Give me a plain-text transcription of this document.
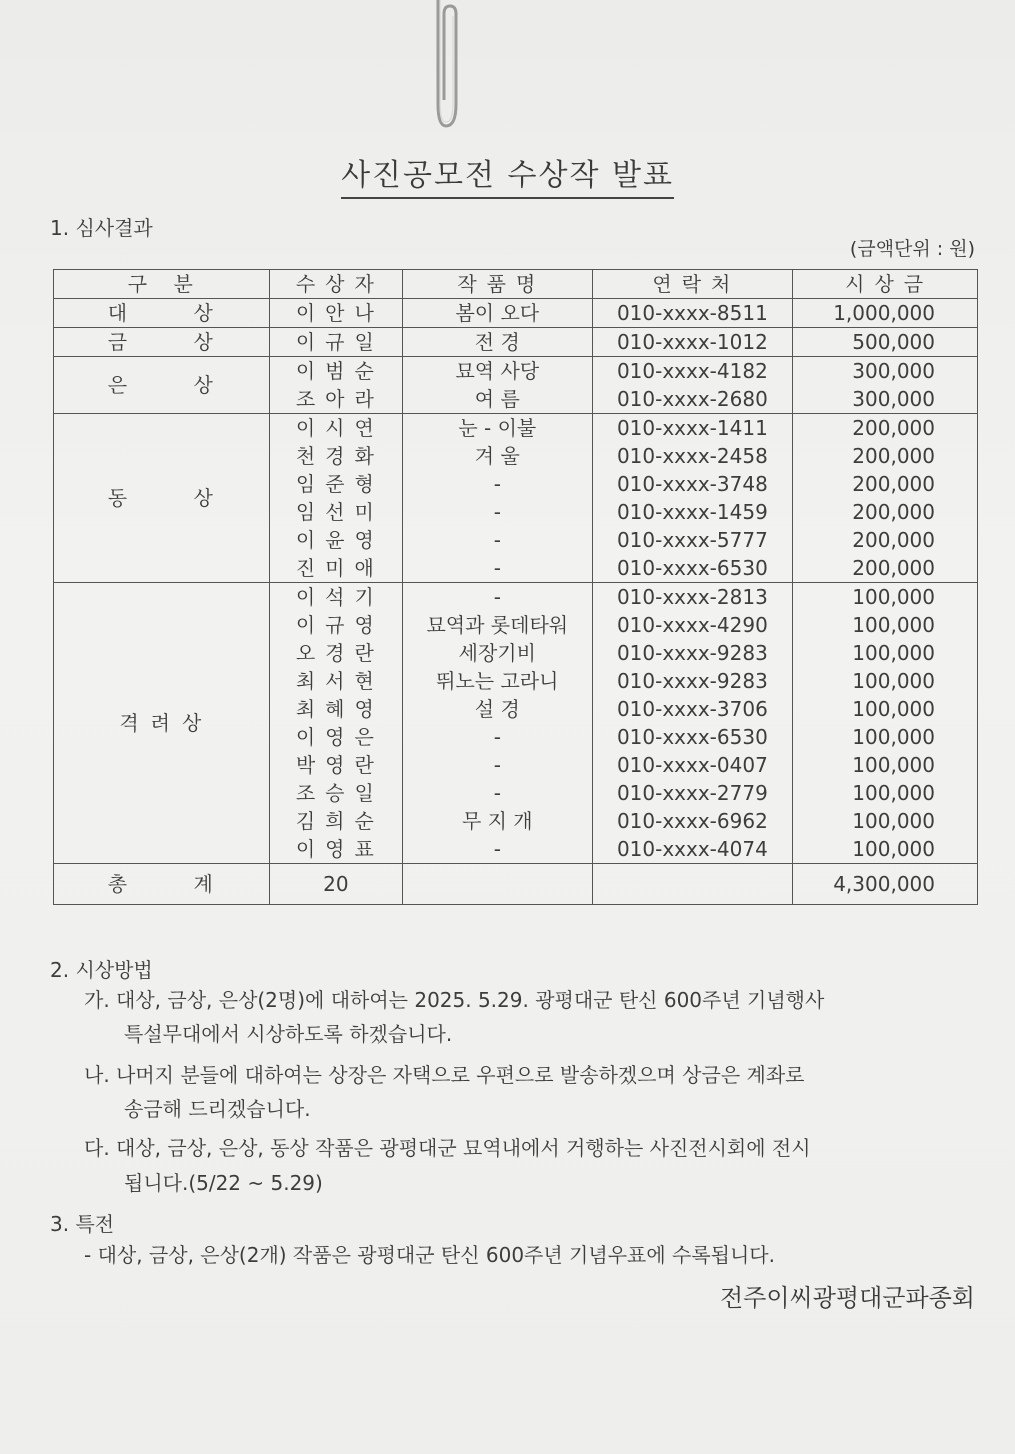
사진공모전 수상작 발표
1. 심사결과
(금액단위 : 원)
구 분	수상자	작품명	연락처	시상금
대 상	이안나	봄이 오다	010-xxxx-8511	1,000,000
금 상	이규일	전 경	010-xxxx-1012	500,000
은 상	이범순	묘역 사당	010-xxxx-4182	300,000
	조아라	여 름	010-xxxx-2680	300,000
동 상	이시연	눈 - 이불	010-xxxx-1411	200,000
	천경화	겨 울	010-xxxx-2458	200,000
	임준형	-	010-xxxx-3748	200,000
	임선미	-	010-xxxx-1459	200,000
	이윤영	-	010-xxxx-5777	200,000
	진미애	-	010-xxxx-6530	200,000
격려상	이석기	-	010-xxxx-2813	100,000
	이규영	묘역과 롯데타워	010-xxxx-4290	100,000
	오경란	세장기비	010-xxxx-9283	100,000
	최서현	뛰노는 고라니	010-xxxx-9283	100,000
	최혜영	설 경	010-xxxx-3706	100,000
	이영은	-	010-xxxx-6530	100,000
	박영란	-	010-xxxx-0407	100,000
	조승일	-	010-xxxx-2779	100,000
	김희순	무 지 개	010-xxxx-6962	100,000
	이영표	-	010-xxxx-4074	100,000
총 계	20			4,300,000
2. 시상방법
가. 대상, 금상, 은상(2명)에 대하여는 2025. 5.29. 광평대군 탄신 600주년 기념행사
특설무대에서 시상하도록 하겠습니다.
나. 나머지 분들에 대하여는 상장은 자택으로 우편으로 발송하겠으며 상금은 계좌로
송금해 드리겠습니다.
다. 대상, 금상, 은상, 동상 작품은 광평대군 묘역내에서 거행하는 사진전시회에 전시
됩니다.(5/22 ~ 5.29)
3. 특전
- 대상, 금상, 은상(2개) 작품은 광평대군 탄신 600주년 기념우표에 수록됩니다.
전주이씨광평대군파종회
